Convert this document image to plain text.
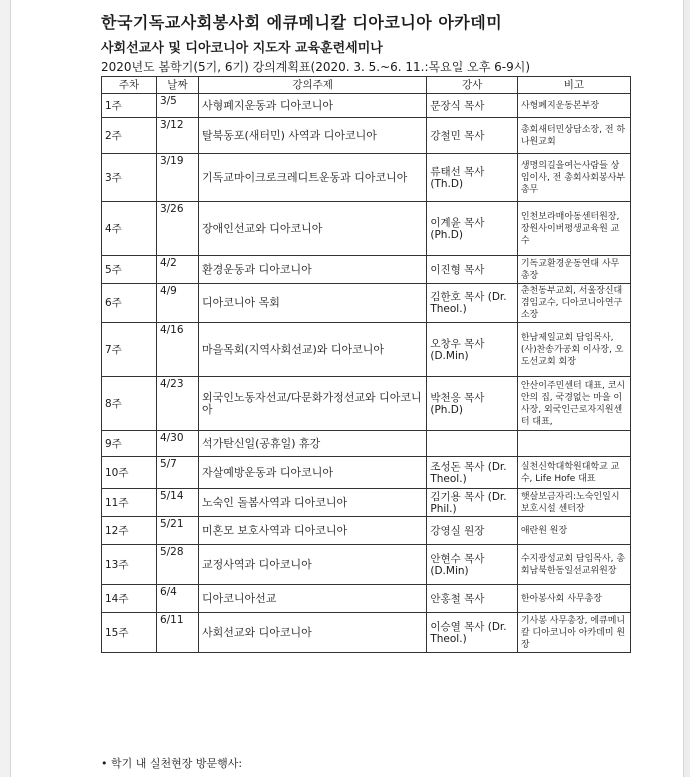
한국기독교사회봉사회 에큐메니칼 디아코니아 아카데미
사회선교사 및 디아코니아 지도자 교육훈련세미나
2020년도 봄학기(5기, 6기) 강의계획표(2020. 3. 5.~6. 11.:목요일 오후 6-9시)
주차	날짜	강의주제	강사	비고
1주	3/5	사형폐지운동과 디아코니아	문장식 목사	사형폐지운동본부장
2주	3/12	탈북동포(새터민) 사역과 디아코니아	강철민 목사	총회새터민상담소장, 전 하나원교회
3주	3/19	기독교마이크로크레디트운동과 디아코니아	류태선 목사 (Th.D)	생명의길을여는사람들 상임이사, 전 총회사회봉사부 총무
4주	3/26	장애인선교와 디아코니아	이계윤 목사 (Ph.D)	인천보라매아동센터원장, 장원사이버평생교육원 교수
5주	4/2	환경운동과 디아코니아	이진형 목사	기독교환경운동연대 사무총장
6주	4/9	디아코니아 목회	김한호 목사 (Dr. Theol.)	춘천동부교회, 서울장신대 겸임교수, 디아코니아연구소장
7주	4/16	마을목회(지역사회선교)와 디아코니아	오창우 목사 (D.Min)	한남제일교회 담임목사, (사)찬송가공회 이사장, 오도선교회 회장
8주	4/23	외국인노동자선교/다문화가정선교와 디아코니아	박천응 목사 (Ph.D)	안산이주민센터 대표, 코시안의 집, 국경없는 마을 이사장, 외국인근로자지원센터 대표,
9주	4/30	석가탄신일(공휴일) 휴강		
10주	5/7	자살예방운동과 디아코니아	조성돈 목사 (Dr. Theol.)	실천신학대학원대학교 교수, Life Hofe 대표
11주	5/14	노숙인 돌봄사역과 디아코니아	김기용 목사 (Dr. Phil.)	햇살보금자리:노숙인일시보호시설 센터장
12주	5/21	미혼모 보호사역과 디아코니아	강영실 원장	애란원 원장
13주	5/28	교정사역과 디아코니아	안현수 목사 (D.Min)	수지광성교회 담임목사, 총회남북한동일선교위원장
14주	6/4	디아코니아선교	안홍철 목사	한아봉사회 사무총장
15주	6/11	사회선교와 디아코니아	이승열 목사 (Dr. Theol.)	기사봉 사무총장, 에큐메니칼 디아코니아 아카데미 원장
• 학기 내 실천현장 방문행사:
